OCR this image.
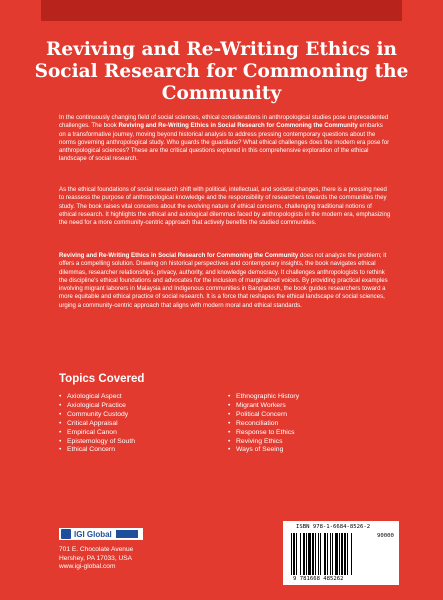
Reviving and Re-Writing Ethics in Social Research for Commoning the Community

In the continuously changing field of social sciences, ethical considerations in anthropological studies pose unprecedented challenges. The book Reviving and Re-Writing Ethics in Social Research for Commoning the Community embarks on a transformative journey, moving beyond historical analysis to address pressing contemporary questions about the norms governing anthropological study. Who guards the guardians? What ethical challenges does the modern era pose for anthropological sciences? These are the critical questions explored in this comprehensive exploration of the ethical landscape of social research.

As the ethical foundations of social research shift with political, intellectual, and societal changes, there is a pressing need to reassess the purpose of anthropological knowledge and the responsibility of researchers towards the communities they study. The book raises vital concerns about the evolving nature of ethical concerns, challenging traditional notions of ethical research. It highlights the ethical and axiological dilemmas faced by anthropologists in the modern era, emphasizing the need for a more community-centric approach that actively benefits the studied communities.

Reviving and Re-Writing Ethics in Social Research for Commoning the Community does not analyze the problem; it offers a compelling solution. Drawing on historical perspectives and contemporary insights, the book navigates ethical dilemmas, researcher relationships, privacy, authority, and knowledge democracy. It challenges anthropologists to rethink the discipline's ethical foundations and advocates for the inclusion of marginalized voices. By providing practical examples involving migrant laborers in Malaysia and Indigenous communities in Bangladesh, the book guides researchers toward a more equitable and ethical practice of social research. It is a force that reshapes the ethical landscape of social sciences, urging a community-centric approach that aligns with modern moral and ethical standards.

Topics Covered
• Axiological Aspect
• Axiological Practice
• Community Custody
• Critical Appraisal
• Empirical Canon
• Epistemology of South
• Ethical Concern
• Ethnographic History
• Migrant Workers
• Political Concern
• Reconciliation
• Response to Ethics
• Reviving Ethics
• Ways of Seeing
IGI Global

701 E. Chocolate Avenue
Hershey, PA 17033, USA
www.igi-global.com

ISBN 978-1-6684-8526-2
90000
9 781668 485262
